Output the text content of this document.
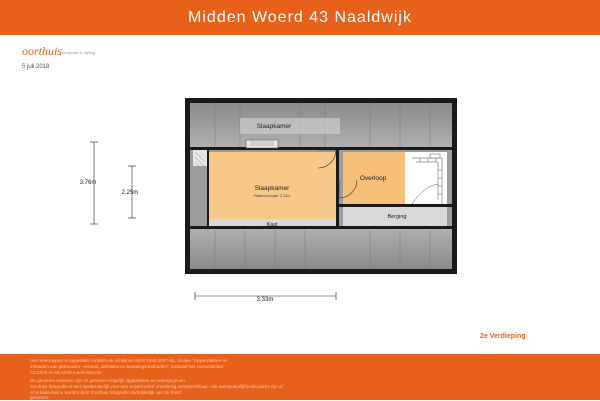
Midden Woerd 43 Naaldwijk
oorthuis fotografie & styling
5 juli 2018
Slaapkamer
Slaapkamer
Plafondhoogte: 2.11m
Overloop
Berging
Kast
3.76m
2.25m
3.33m
2e Verdieping
Het meetrapport is opgesteld conform de richtlijnen NEN 2580:2007 NL, inzake "Oppervlakten en
inhouden van gebouwen - termen, definities en bepalingsmethoden", inclusief het correctieblad
C1:2008 en de NVM meetinstructie.
De gemeten waarden zijn zo getrouw mogelijk opgenomen en weergegeven.
Oorthuis fotografie is niet aansprakelijk voor een onjuist en/of onvolledig meetcertificaat. Alle aansprakelijkheidsclaims zijn af
of schadeclaims worden door Oorthuis fotografie nadrukkelijk van de hand
gewezen.
